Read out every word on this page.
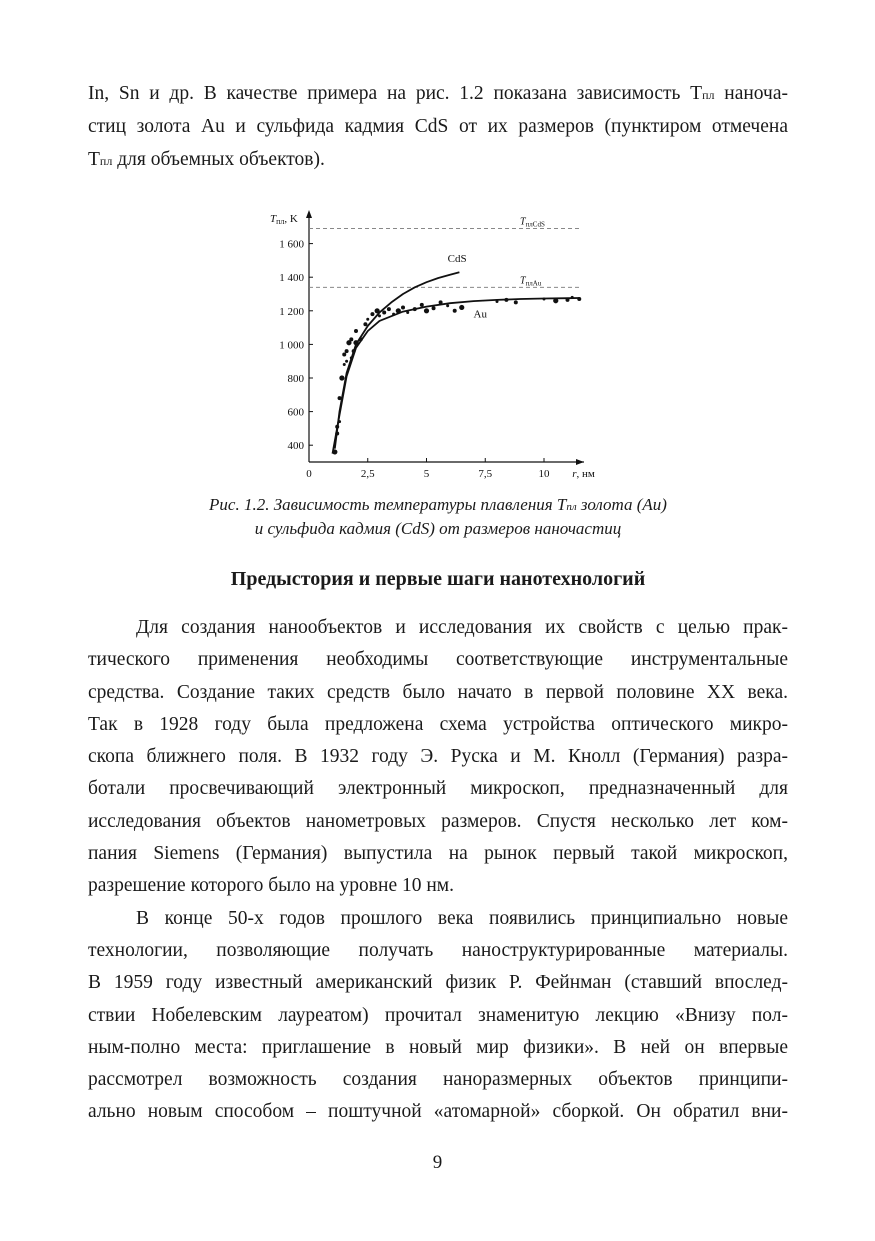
In, Sn и др. В качестве примера на рис. 1.2 показана зависимость Tпл наноча-

стиц золота Au и сульфида кадмия CdS от их размеров (пунктиром отмечена

Tпл для объемных объектов).

400
600
800
1 000
1 200
1 400
1 600
0	2,5	5	7,5	10
Tпл, K
r, нм
$T_{плCdS}$
$T_{плAu}$
CdS
Au
Рис. 1.2. Зависимость температуры плавления Tпл золота (Au)
и сульфида кадмия (CdS) от размеров наночастиц
Предыстория и первые шаги нанотехнологий

Для создания нанообъектов и исследования их свойств с целью прак-

тического применения необходимы соответствующие инструментальные

средства. Создание таких средств было начато в первой половине XX века.

Так в 1928 году была предложена схема устройства оптического микро-

скопа ближнего поля. В 1932 году Э. Руска и М. Кнолл (Германия) разра-

ботали просвечивающий электронный микроскоп, предназначенный для

исследования объектов нанометровых размеров. Спустя несколько лет ком-

пания Siemens (Германия) выпустила на рынок первый такой микроскоп,

разрешение которого было на уровне 10 нм.

В конце 50-х годов прошлого века появились принципиально новые

технологии, позволяющие получать наноструктурированные материалы.

В 1959 году известный американский физик Р. Фейнман (ставший впослед-

ствии Нобелевским лауреатом) прочитал знаменитую лекцию «Внизу пол-

ным-полно места: приглашение в новый мир физики». В ней он впервые

рассмотрел возможность создания наноразмерных объектов принципи-

ально новым способом – поштучной «атомарной» сборкой. Он обратил вни-

9
